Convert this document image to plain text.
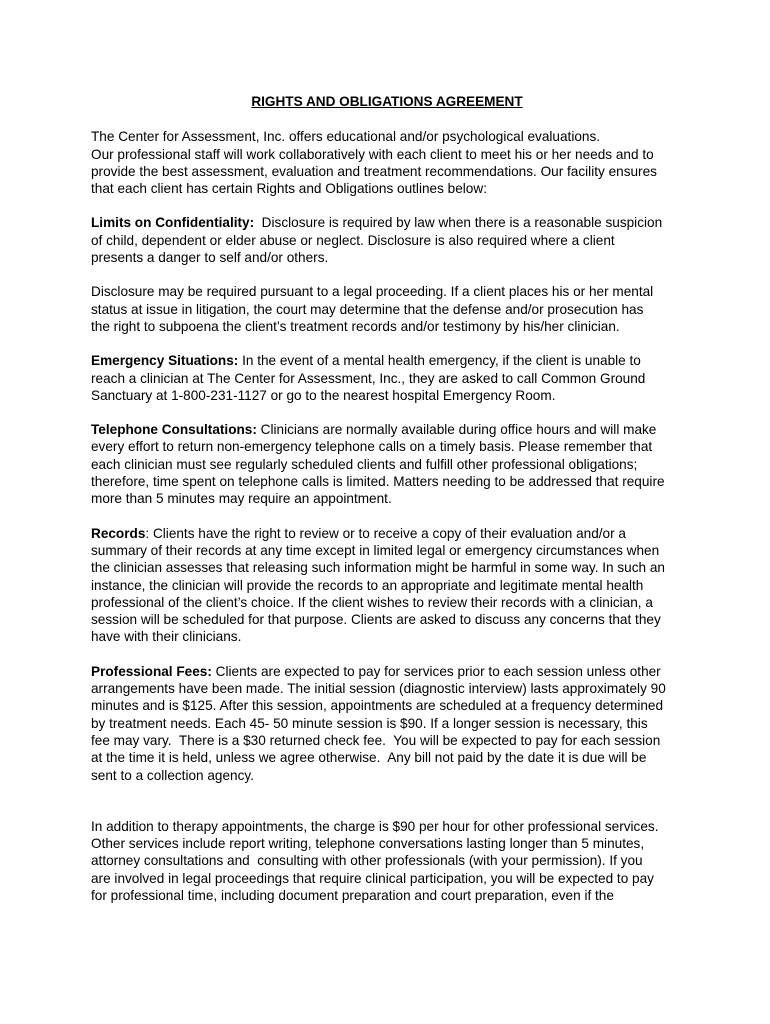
RIGHTS AND OBLIGATIONS AGREEMENT
The Center for Assessment, Inc. offers educational and/or psychological evaluations.
Our professional staff will work collaboratively with each client to meet his or her needs and to
provide the best assessment, evaluation and treatment recommendations. Our facility ensures
that each client has certain Rights and Obligations outlines below:
Limits on Confidentiality:  Disclosure is required by law when there is a reasonable suspicion
of child, dependent or elder abuse or neglect. Disclosure is also required where a client
presents a danger to self and/or others.
Disclosure may be required pursuant to a legal proceeding. If a client places his or her mental
status at issue in litigation, the court may determine that the defense and/or prosecution has
the right to subpoena the client’s treatment records and/or testimony by his/her clinician.
Emergency Situations: In the event of a mental health emergency, if the client is unable to
reach a clinician at The Center for Assessment, Inc., they are asked to call Common Ground
Sanctuary at 1-800-231-1127 or go to the nearest hospital Emergency Room.
Telephone Consultations: Clinicians are normally available during office hours and will make
every effort to return non-emergency telephone calls on a timely basis. Please remember that
each clinician must see regularly scheduled clients and fulfill other professional obligations;
therefore, time spent on telephone calls is limited. Matters needing to be addressed that require
more than 5 minutes may require an appointment.
Records: Clients have the right to review or to receive a copy of their evaluation and/or a
summary of their records at any time except in limited legal or emergency circumstances when
the clinician assesses that releasing such information might be harmful in some way. In such an
instance, the clinician will provide the records to an appropriate and legitimate mental health
professional of the client’s choice. If the client wishes to review their records with a clinician, a
session will be scheduled for that purpose. Clients are asked to discuss any concerns that they
have with their clinicians.
Professional Fees: Clients are expected to pay for services prior to each session unless other
arrangements have been made. The initial session (diagnostic interview) lasts approximately 90
minutes and is $125. After this session, appointments are scheduled at a frequency determined
by treatment needs. Each 45- 50 minute session is $90. If a longer session is necessary, this
fee may vary.  There is a $30 returned check fee.  You will be expected to pay for each session
at the time it is held, unless we agree otherwise.  Any bill not paid by the date it is due will be
sent to a collection agency.
In addition to therapy appointments, the charge is $90 per hour for other professional services.
Other services include report writing, telephone conversations lasting longer than 5 minutes,
attorney consultations and  consulting with other professionals (with your permission). If you
are involved in legal proceedings that require clinical participation, you will be expected to pay
for professional time, including document preparation and court preparation, even if the
